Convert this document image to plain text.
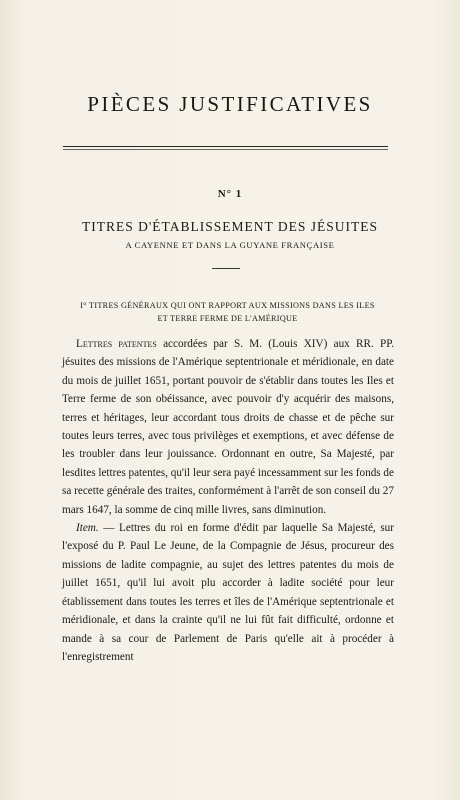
PIÈCES JUSTIFICATIVES
N° 1
TITRES D'ÉTABLISSEMENT DES JÉSUITES
A CAYENNE ET DANS LA GUYANE FRANÇAISE
I° TITRES GÉNÉRAUX QUI ONT RAPPORT AUX MISSIONS DANS LES ILES
ET TERRE FERME DE L'AMÉRIQUE

Lettres patentes accordées par S. M. (Louis XIV) aux RR. PP. jésuites des missions de l'Amérique septentrionale et méridionale, en date du mois de juillet 1651, portant pouvoir de s'établir dans toutes les Iles et Terre ferme de son obéissance, avec pouvoir d'y acquérir des maisons, terres et héritages, leur accordant tous droits de chasse et de pêche sur toutes leurs terres, avec tous privilèges et exemptions, et avec défense de les troubler dans leur jouissance. Ordonnant en outre, Sa Majesté, par lesdites lettres patentes, qu'il leur sera payé incessamment sur les fonds de sa recette générale des traites, conformément à l'arrêt de son conseil du 27 mars 1647, la somme de cinq mille livres, sans diminution.

Item. — Lettres du roi en forme d'édit par laquelle Sa Majesté, sur l'exposé du P. Paul Le Jeune, de la Compagnie de Jésus, procureur des missions de ladite compagnie, au sujet des lettres patentes du mois de juillet 1651, qu'il lui avoit plu accorder à ladite société pour leur établissement dans toutes les terres et îles de l'Amérique septentrionale et méridionale, et dans la crainte qu'il ne lui fût fait difficulté, ordonne et mande à sa cour de Parlement de Paris qu'elle ait à procéder à l'enregistrement
